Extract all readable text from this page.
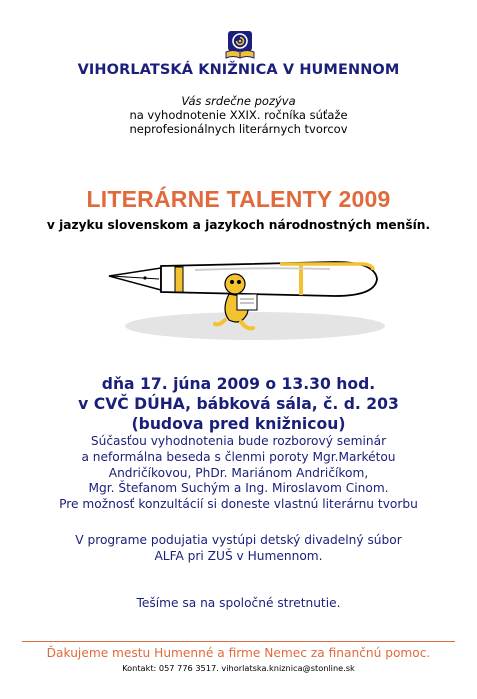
VIHORLATSKÁ KNIŽNICA V HUMENNOM
Vás srdečne pozýva
na vyhodnotenie XXIX. ročníka súťaže
neprofesionálnych literárnych tvorcov
LITERÁRNE TALENTY 2009
v jazyku slovenskom a jazykoch národnostných menšín.
dňa 17. júna 2009 o 13.30 hod.
v CVČ DÚHA, bábková sála, č. d. 203
(budova pred knižnicou)
Súčasťou vyhodnotenia bude rozborový seminár
a neformálna beseda s členmi poroty Mgr.Markétou
Andričíkovou, PhDr. Mariánom Andričíkom,
Mgr. Štefanom Suchým a Ing. Miroslavom Cinom.
Pre možnosť konzultácií si doneste vlastnú literárnu tvorbu
V programe podujatia vystúpi detský divadelný súbor
ALFA pri ZUŠ v Humennom.
Tešíme sa na spoločné stretnutie.
Ďakujeme mestu Humenné a firme Nemec za finančnú pomoc.
Kontakt: 057 776 3517. vihorlatska.kniznica@stonline.sk
